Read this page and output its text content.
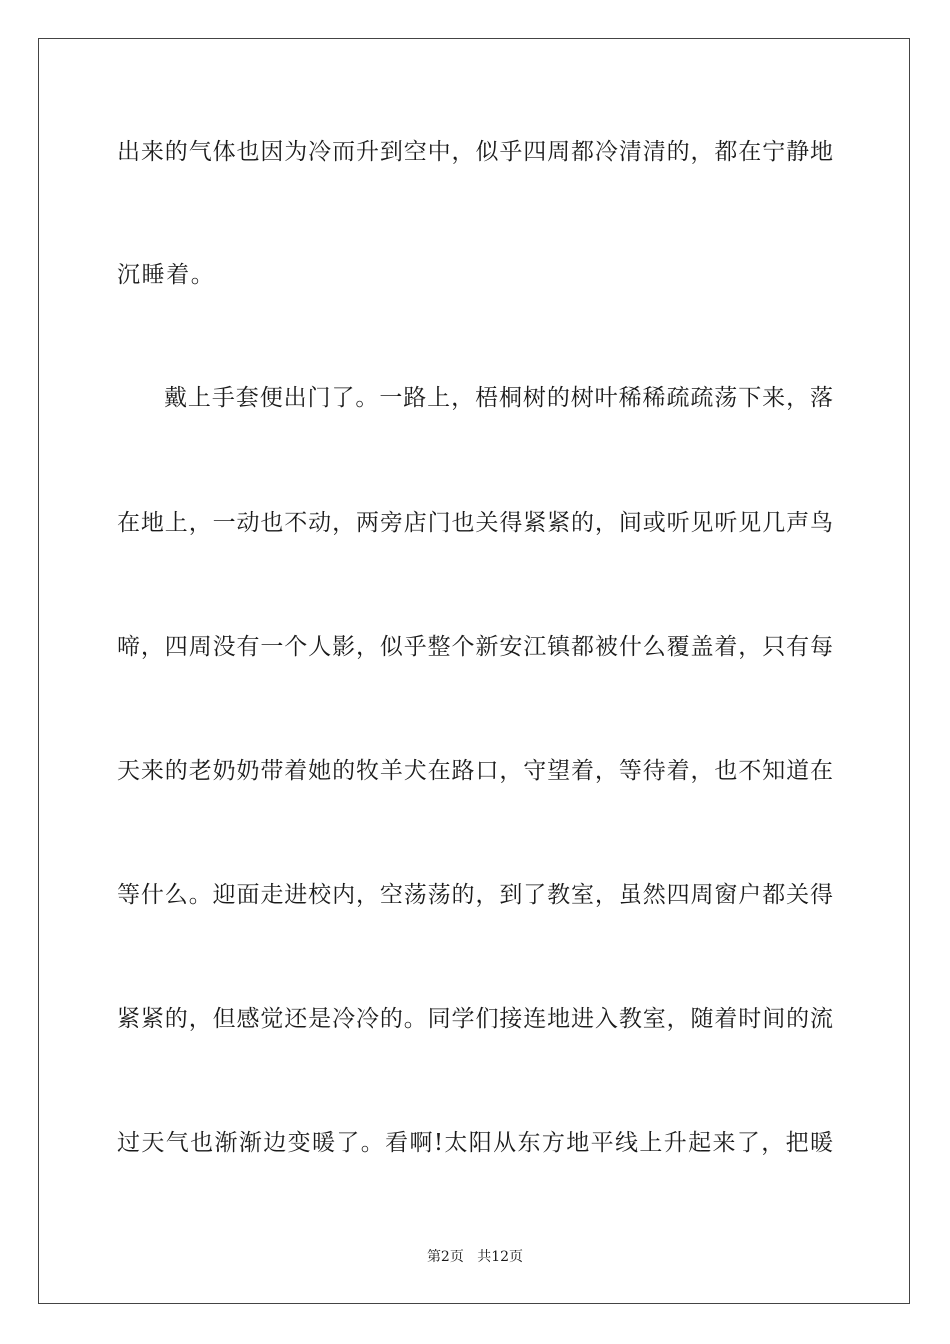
出来的气体也因为冷而升到空中，似乎四周都冷清清的，都在宁静地
沉睡着。
戴上手套便出门了。一路上，梧桐树的树叶稀稀疏疏荡下来，落
在地上，一动也不动，两旁店门也关得紧紧的，间或听见听见几声鸟
啼，四周没有一个人影，似乎整个新安江镇都被什么覆盖着，只有每
天来的老奶奶带着她的牧羊犬在路口，守望着，等待着，也不知道在
等什么。迎面走进校内，空荡荡的，到了教室，虽然四周窗户都关得
紧紧的，但感觉还是冷冷的。同学们接连地进入教室，随着时间的流
过天气也渐渐边变暖了。看啊!太阳从东方地平线上升起来了，把暖
第2页 共12页
